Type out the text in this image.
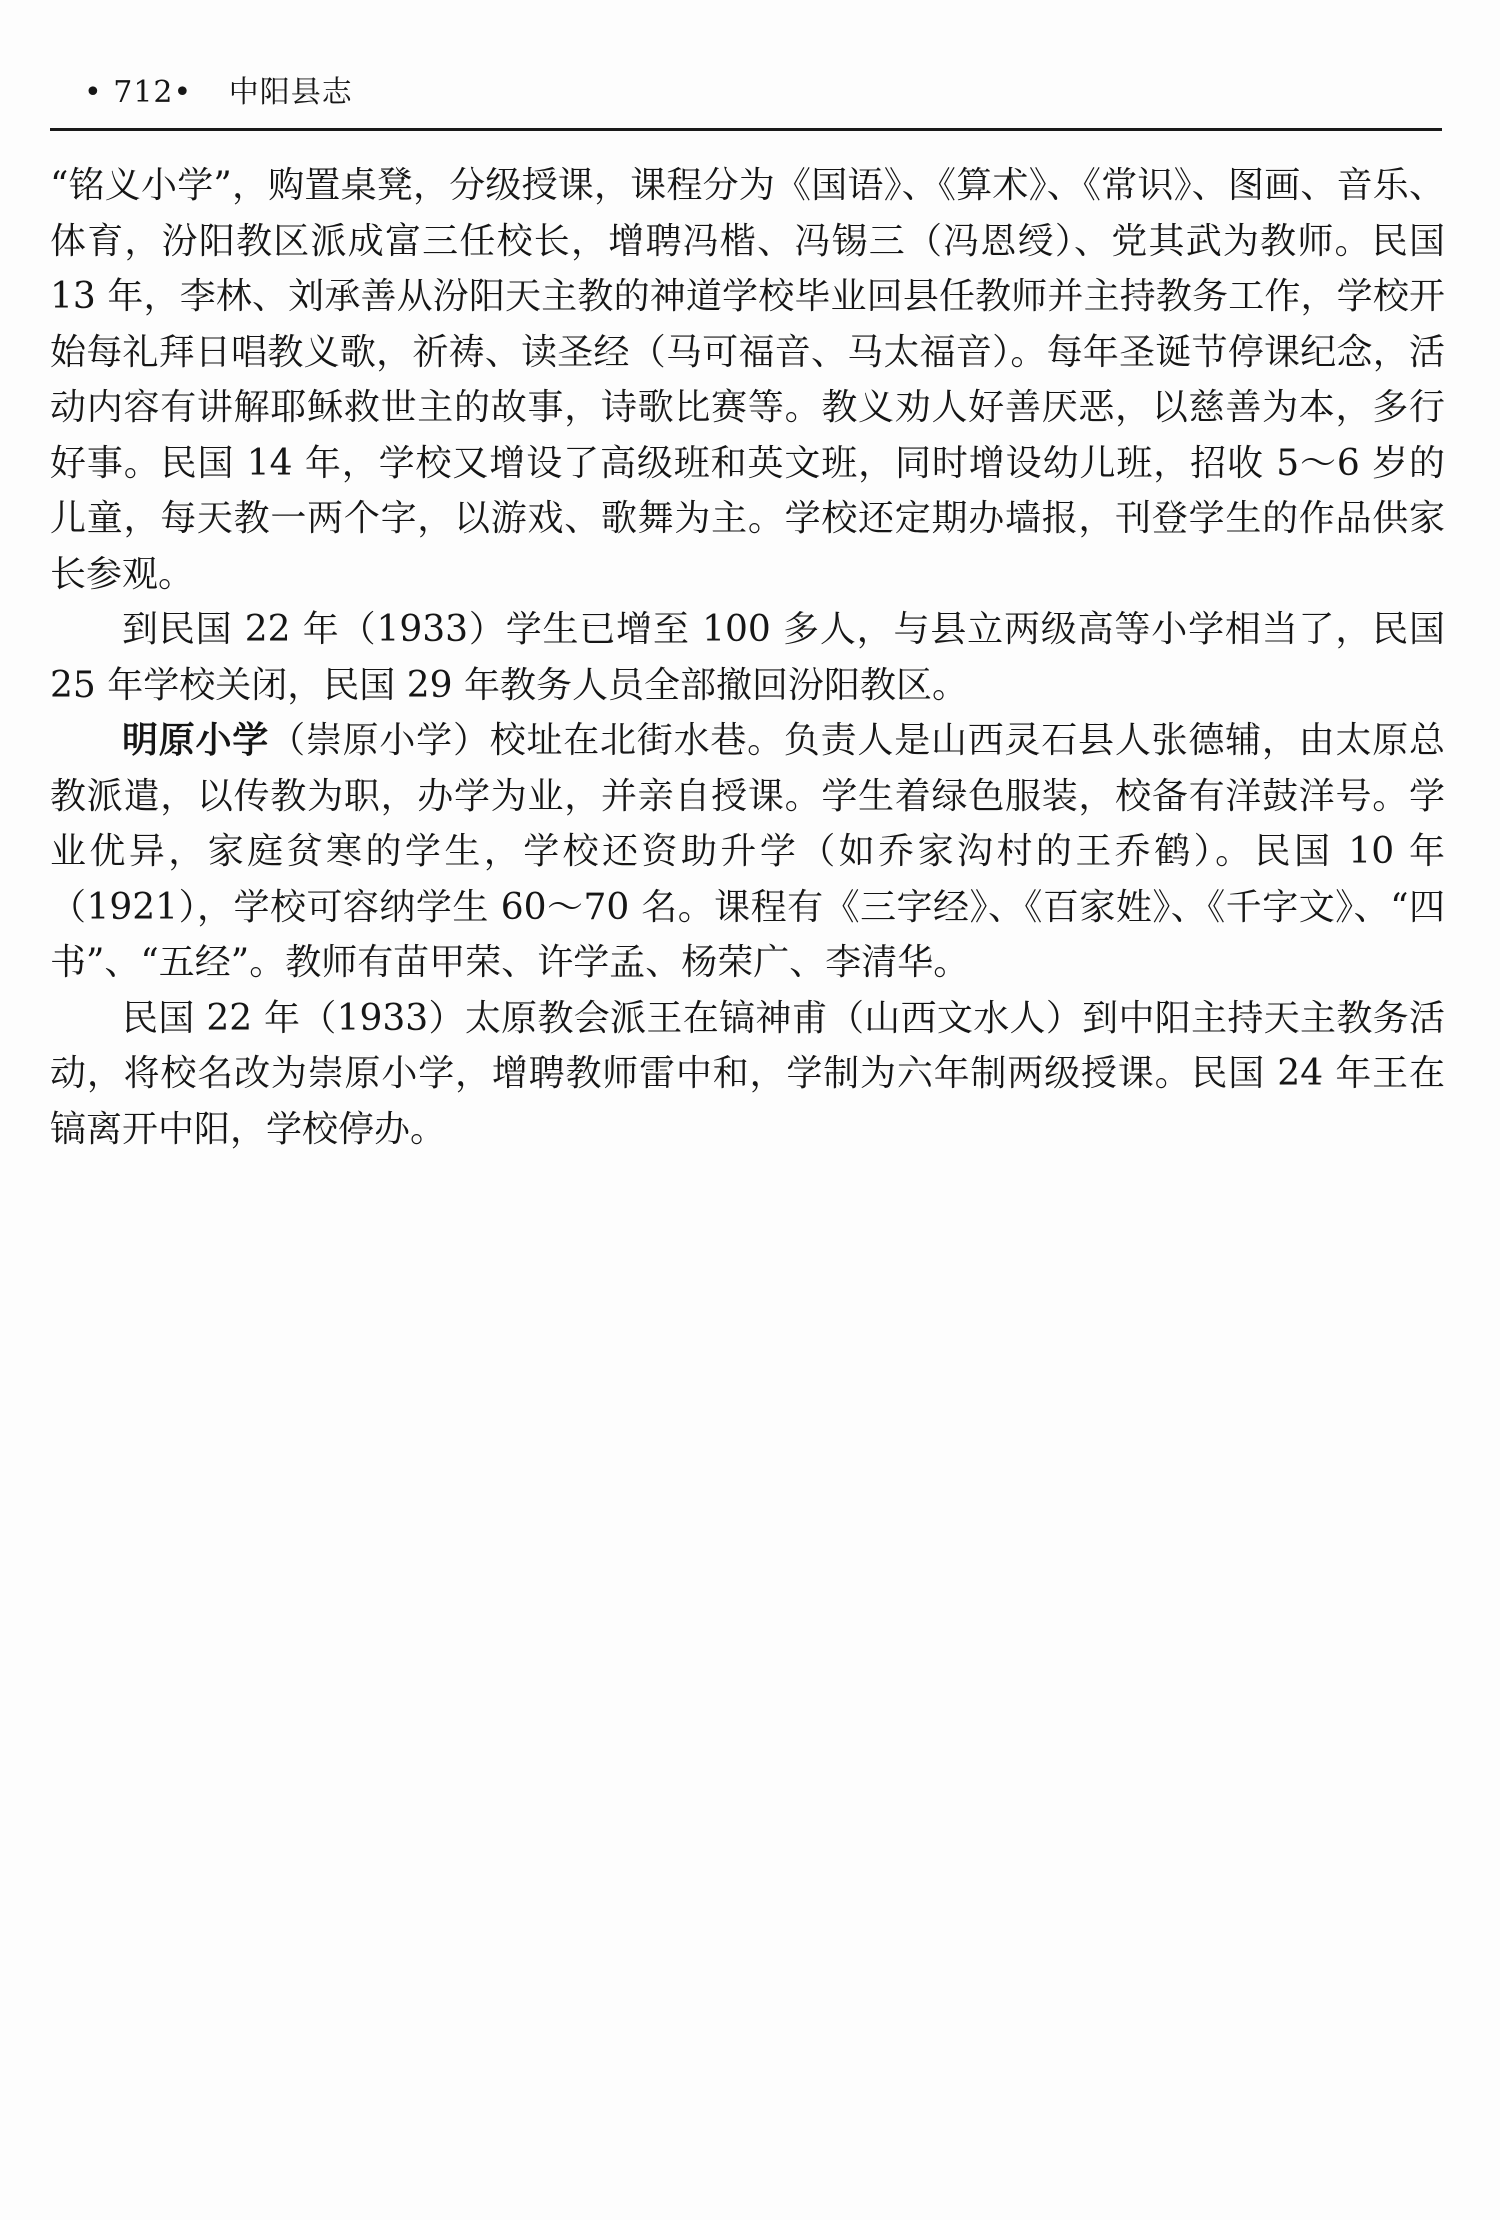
• 712• 中阳县志

“铭义小学”，购置桌凳，分级授课，课程分为《国语》、《算术》、《常识》、图画、音乐、体育，汾阳教区派成富三任校长，增聘冯楷、冯锡三（冯恩绶）、党其武为教师。民国 13 年，李林、刘承善从汾阳天主教的神道学校毕业回县任教师并主持教务工作，学校开始每礼拜日唱教义歌，祈祷、读圣经（马可福音、马太福音）。每年圣诞节停课纪念，活动内容有讲解耶稣救世主的故事，诗歌比赛等。教义劝人好善厌恶，以慈善为本，多行好事。民国 14 年，学校又增设了高级班和英文班，同时增设幼儿班，招收 5～6 岁的儿童，每天教一两个字，以游戏、歌舞为主。学校还定期办墙报，刊登学生的作品供家长参观。

到民国 22 年（1933）学生已增至 100 多人，与县立两级高等小学相当了，民国 25 年学校关闭，民国 29 年教务人员全部撤回汾阳教区。

明原小学（崇原小学）校址在北街水巷。负责人是山西灵石县人张德辅，由太原总教派遣，以传教为职，办学为业，并亲自授课。学生着绿色服装，校备有洋鼓洋号。学业优异，家庭贫寒的学生，学校还资助升学（如乔家沟村的王乔鹤）。民国 10 年（1921），学校可容纳学生 60～70 名。课程有《三字经》、《百家姓》、《千字文》、“四书”、“五经”。教师有苗甲荣、许学孟、杨荣广、李清华。

民国 22 年（1933）太原教会派王在镐神甫（山西文水人）到中阳主持天主教务活动，将校名改为崇原小学，增聘教师雷中和，学制为六年制两级授课。民国 24 年王在镐离开中阳，学校停办。
